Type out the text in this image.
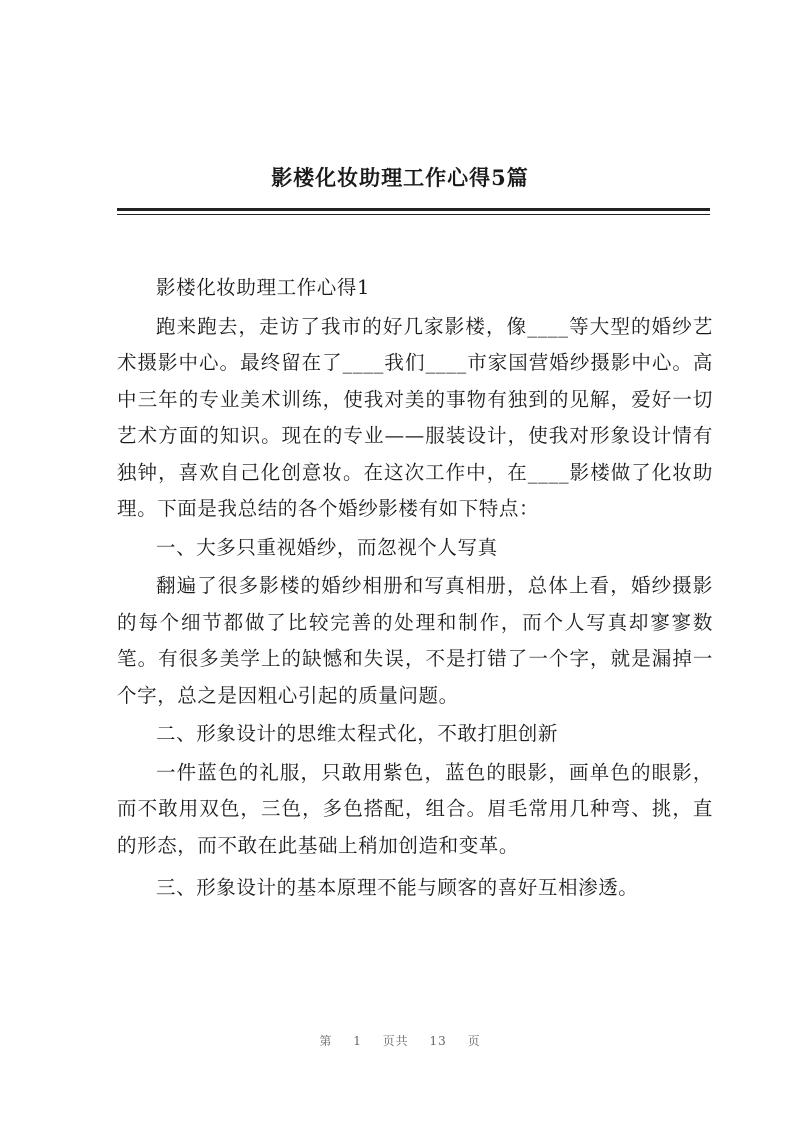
影楼化妆助理工作心得5篇

影楼化妆助理工作心得1

跑来跑去，走访了我市的好几家影楼，像____等大型的婚纱艺术摄影中心。最终留在了____我们____市家国营婚纱摄影中心。高中三年的专业美术训练，使我对美的事物有独到的见解，爱好一切艺术方面的知识。现在的专业——服装设计，使我对形象设计情有独钟，喜欢自己化创意妆。在这次工作中，在____影楼做了化妆助理。下面是我总结的各个婚纱影楼有如下特点：

一、大多只重视婚纱，而忽视个人写真

翻遍了很多影楼的婚纱相册和写真相册，总体上看，婚纱摄影的每个细节都做了比较完善的处理和制作，而个人写真却寥寥数笔。有很多美学上的缺憾和失误，不是打错了一个字，就是漏掉一个字，总之是因粗心引起的质量问题。

二、形象设计的思维太程式化，不敢打胆创新

一件蓝色的礼服，只敢用紫色，蓝色的眼影，画单色的眼影，而不敢用双色，三色，多色搭配，组合。眉毛常用几种弯、挑，直的形态，而不敢在此基础上稍加创造和变革。

三、形象设计的基本原理不能与顾客的喜好互相渗透。

第 1 页共 13 页
